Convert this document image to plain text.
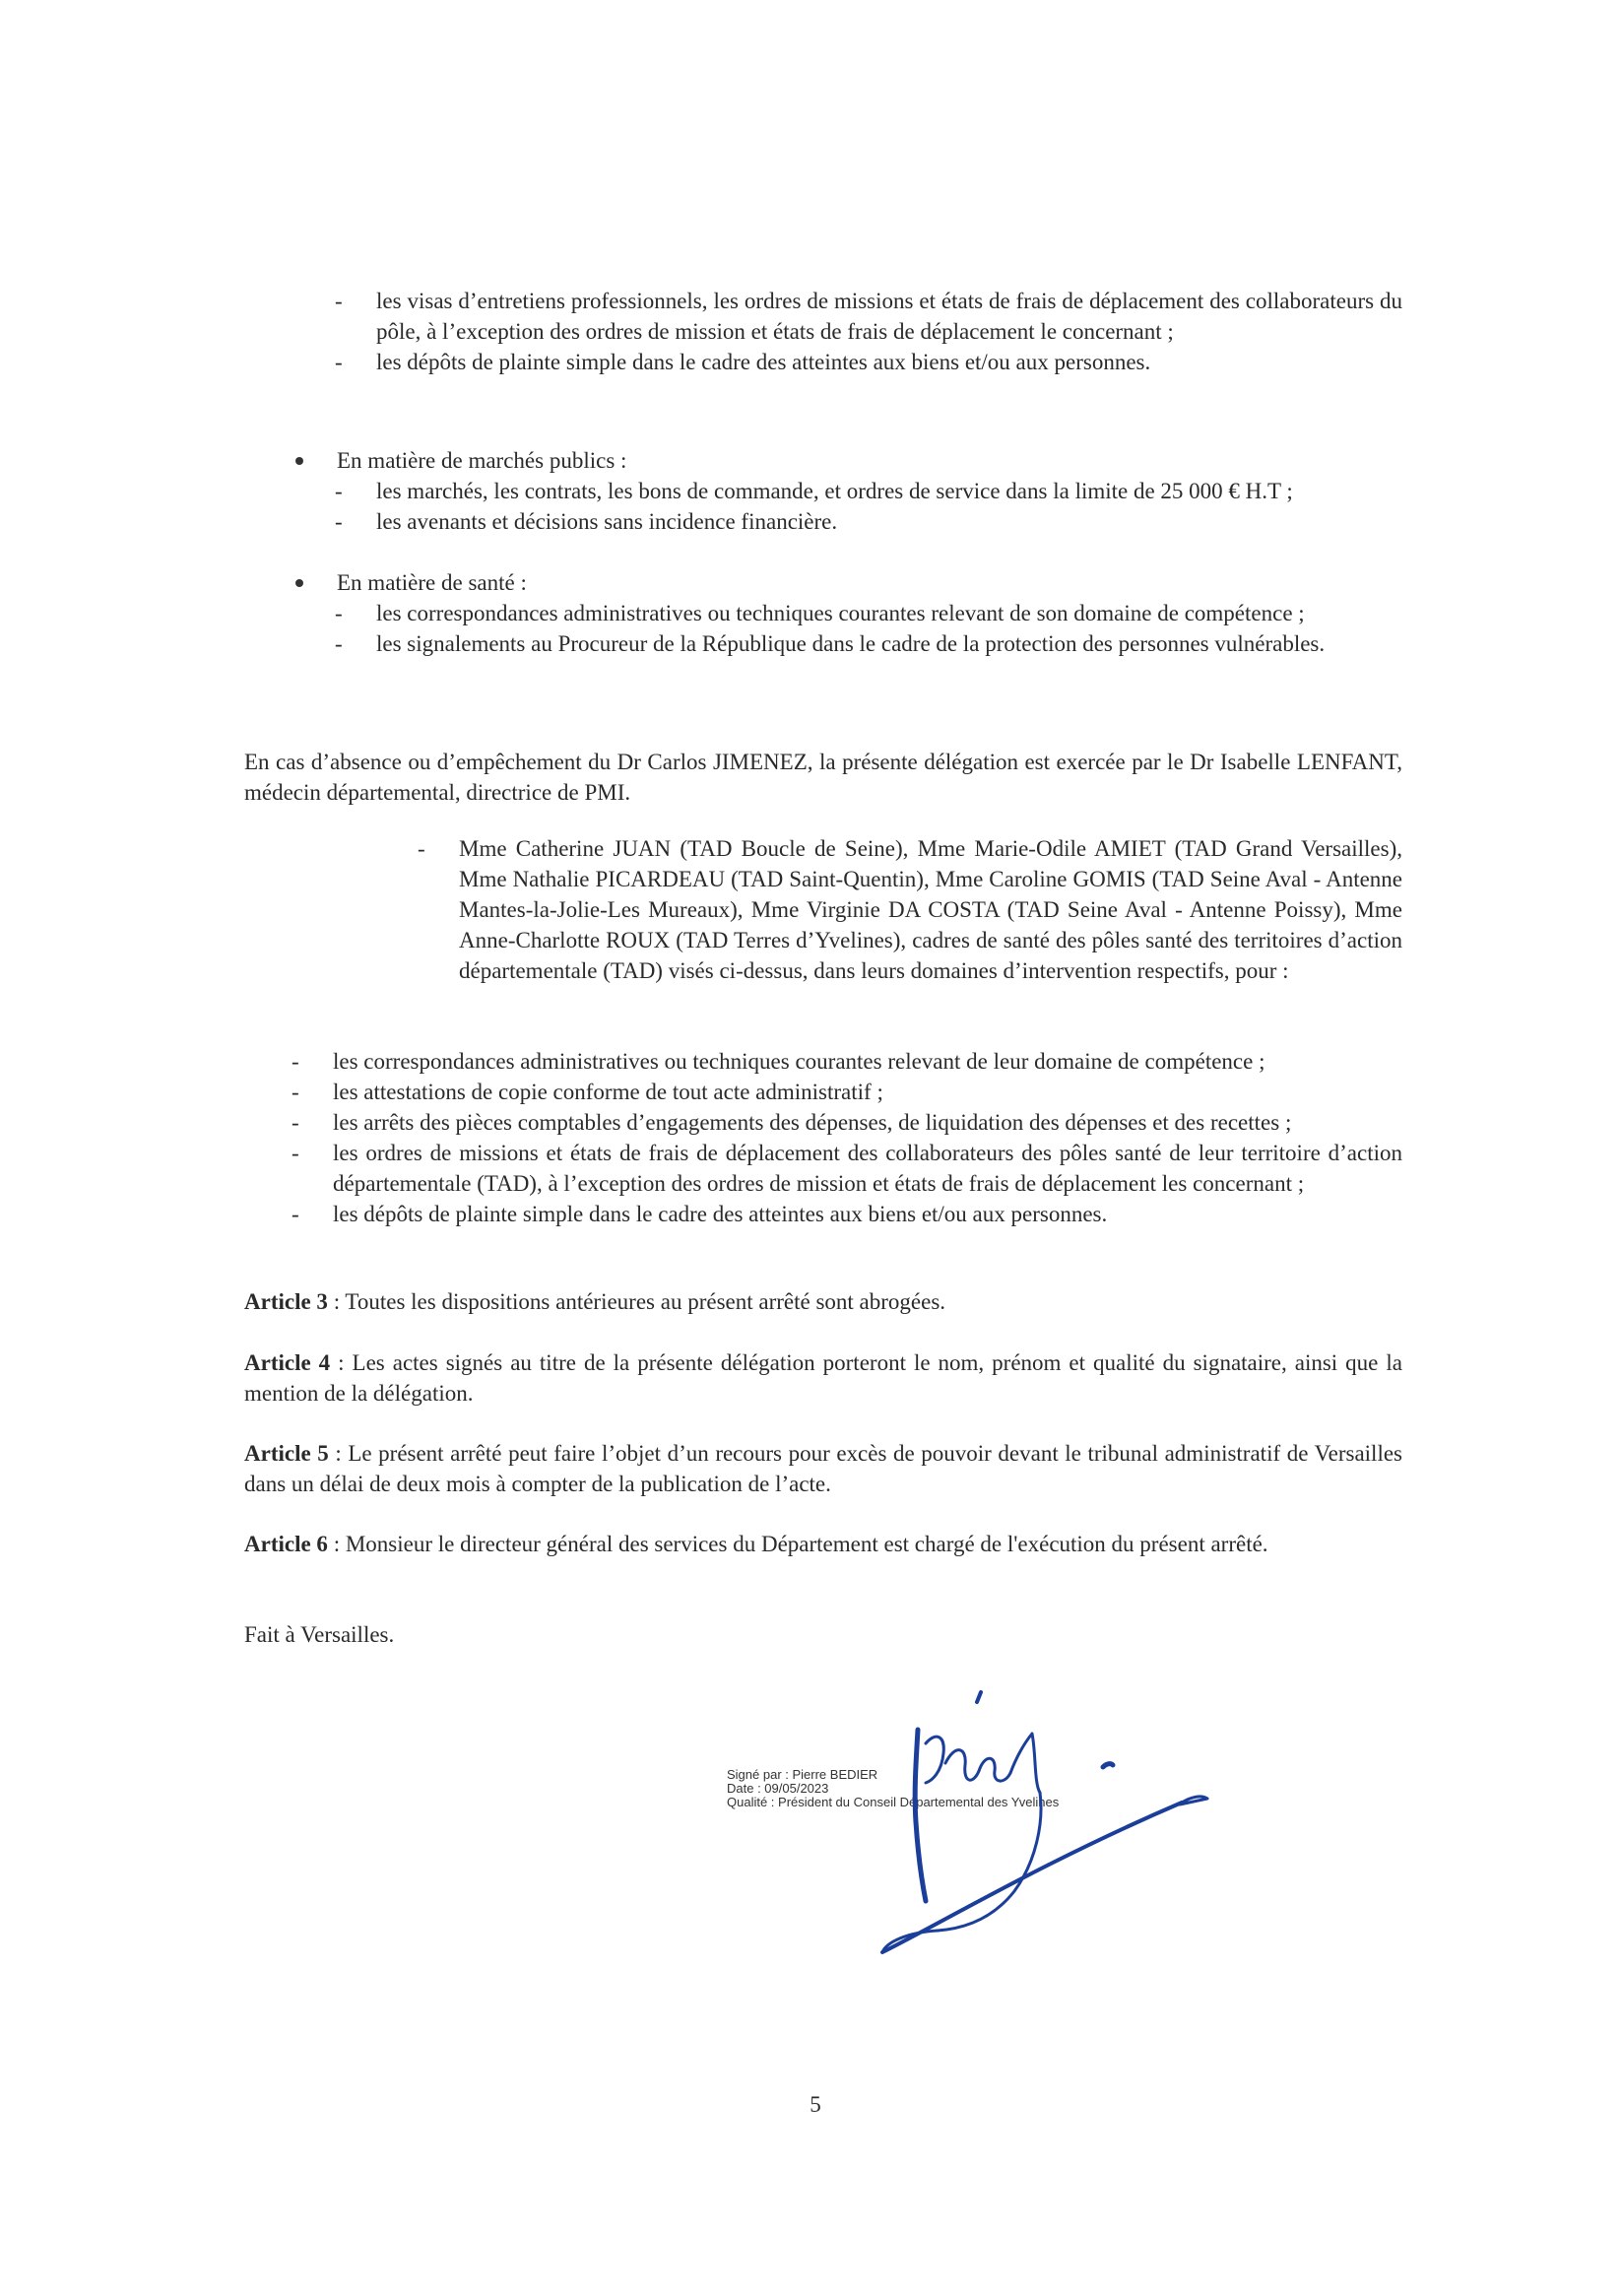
- les visas d’entretiens professionnels, les ordres de missions et états de frais de déplacement des collaborateurs du pôle, à l’exception des ordres de mission et états de frais de déplacement le concernant ;
- les dépôts de plainte simple dans le cadre des atteintes aux biens et/ou aux personnes.
En matière de marchés publics :
- les marchés, les contrats, les bons de commande, et ordres de service dans la limite de 25 000 € H.T ;
- les avenants et décisions sans incidence financière.
En matière de santé :
- les correspondances administratives ou techniques courantes relevant de son domaine de compétence ;
- les signalements au Procureur de la République dans le cadre de la protection des personnes vulnérables.
En cas d’absence ou d’empêchement du Dr Carlos JIMENEZ, la présente délégation est exercée par le Dr Isabelle LENFANT, médecin départemental, directrice de PMI.
- Mme Catherine JUAN (TAD Boucle de Seine), Mme Marie-Odile AMIET (TAD Grand Versailles), Mme Nathalie PICARDEAU (TAD Saint-Quentin), Mme Caroline GOMIS (TAD Seine Aval - Antenne Mantes-la-Jolie-Les Mureaux), Mme Virginie DA COSTA (TAD Seine Aval - Antenne Poissy), Mme Anne-Charlotte ROUX (TAD Terres d’Yvelines), cadres de santé des pôles santé des territoires d’action départementale (TAD) visés ci-dessus, dans leurs domaines d’intervention respectifs, pour :
- les correspondances administratives ou techniques courantes relevant de leur domaine de compétence ;
- les attestations de copie conforme de tout acte administratif ;
- les arrêts des pièces comptables d’engagements des dépenses, de liquidation des dépenses et des recettes ;
- les ordres de missions et états de frais de déplacement des collaborateurs des pôles santé de leur territoire d’action départementale (TAD), à l’exception des ordres de mission et états de frais de déplacement les concernant ;
- les dépôts de plainte simple dans le cadre des atteintes aux biens et/ou aux personnes.

Article 3 : Toutes les dispositions antérieures au présent arrêté sont abrogées.

Article 4 : Les actes signés au titre de la présente délégation porteront le nom, prénom et qualité du signataire, ainsi que la mention de la délégation.

Article 5 : Le présent arrêté peut faire l’objet d’un recours pour excès de pouvoir devant le tribunal administratif de Versailles dans un délai de deux mois à compter de la publication de l’acte.

Article 6 : Monsieur le directeur général des services du Département est chargé de l'exécution du présent arrêté.

Fait à Versailles.
Signé par : Pierre BEDIER
Date : 09/05/2023
Qualité : Président du Conseil Départemental des Yvelines
5
